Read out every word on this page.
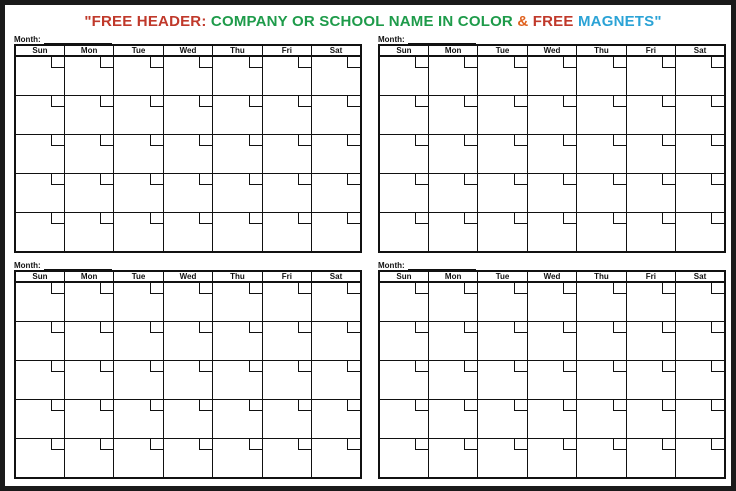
"FREE HEADER: COMPANY OR SCHOOL NAME IN COLOR & FREE MAGNETS"
Month:
Sun	Mon	Tue	Wed	Thu	Fri	Sat

Month:
Sun	Mon	Tue	Wed	Thu	Fri	Sat

Month:
Sun	Mon	Tue	Wed	Thu	Fri	Sat

Month:
Sun	Mon	Tue	Wed	Thu	Fri	Sat
